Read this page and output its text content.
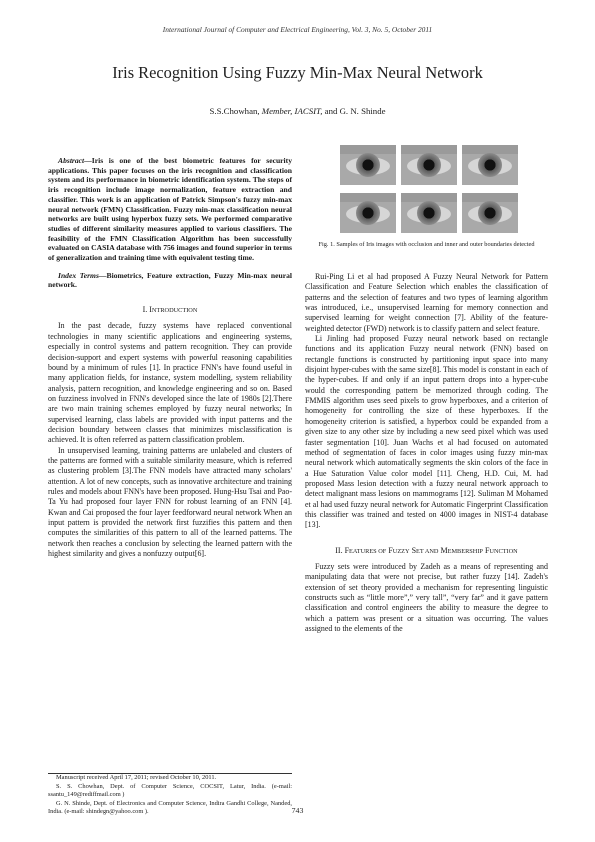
International Journal of Computer and Electrical Engineering, Vol. 3, No. 5, October 2011
Iris Recognition Using Fuzzy Min-Max Neural Network
S.S.Chowhan, Member, IACSIT, and G. N. Shinde

Abstract—Iris is one of the best biometric features for security applications. This paper focuses on the iris recognition and classification system and its performance in biometric identification system. The steps of iris recognition include image normalization, feature extraction and classifier. This work is an application of Patrick Simpson's fuzzy min-max neural network (FMN) Classification. Fuzzy min-max classification neural networks are built using hyperbox fuzzy sets. We performed comparative studies of different similarity measures applied to various classifiers. The feasibility of the FMN Classification Algorithm has been successfully evaluated on CASIA database with 756 images and found superior in terms of generalization and training time with equivalent testing time.

Index Terms—Biometrics, Feature extraction, Fuzzy Min-max neural network.

I. INTRODUCTION

In the past decade, fuzzy systems have replaced conventional technologies in many scientific applications and engineering systems, especially in control systems and pattern recognition. They can provide decision-support and expert systems with powerful reasoning capabilities bound by a minimum of rules [1]. In practice FNN's have found useful in many application fields, for instance, system modelling, system reliability analysis, pattern recognition, and knowledge engineering and so on. Based on fuzziness involved in FNN's developed since the late of 1980s [2].There are two main training schemes employed by fuzzy neural networks; In supervised learning, class labels are provided with input patterns and the decision boundary between classes that minimizes misclassification is achieved. It is often referred as pattern classification problem.

In unsupervised learning, training patterns are unlabeled and clusters of the patterns are formed with a suitable similarity measure, which is referred as clustering problem [3].The FNN models have attracted many scholars' attention. A lot of new concepts, such as innovative architecture and training rules and models about FNN's have been proposed. Hung-Hsu Tsai and Pao-Ta Yu had proposed four layer FNN for robust learning of an FNN [4]. Kwan and Cai proposed the four layer feedforward neural network When an input pattern is provided the network first fuzzifies this pattern and then computes the similarities of this pattern to all of the learned patterns. The network then reaches a conclusion by selecting the learned pattern with the highest similarity and gives a nonfuzzy output[6].

Manuscript received April 17, 2011; revised October 10, 2011.

S. S. Chowhan, Dept. of Computer Science, COCSIT, Latur, India. (e-mail: ssantu_149@rediffmail.com )

G. N. Shinde, Dept. of Electronics and Computer Science, Indira Gandhi College, Nanded, India. (e-mail: shindegn@yahoo.com ).

Fig. 1. Samples of Iris images with occlusion and inner and outer boundaries detected

Rui-Ping Li et al had proposed A Fuzzy Neural Network for Pattern Classification and Feature Selection which enables the classification of patterns and the selection of features and two types of learning algorithm was introduced, i.e., unsupervised learning for memory connection and supervised learning for weight connection [7]. Ability of the feature-weighted detector (FWD) network is to classify pattern and select feature.

Li Jinling had proposed Fuzzy neural network based on rectangle functions and its application Fuzzy neural network (FNN) based on rectangle functions is constructed by partitioning input space into many disjoint hyper-cubes with the same size[8]. This model is constant in each of the hyper-cubes. If and only if an input pattern drops into a hyper-cube would the corresponding pattern be memorized through coding. The FMMIS algorithm uses seed pixels to grow hyperboxes, and a criterion of homogeneity for controlling the size of these hyperboxes. If the homogeneity criterion is satisfied, a hyperbox could be expanded from a given size to any other size by including a new seed pixel which was used faster segmentation [10]. Juan Wachs et al had focused on automated method of segmentation of faces in color images using fuzzy min-max neural network which automatically segments the skin colors of the face in a Hue Saturation Value color model [11]. Cheng, H.D. Cui, M. had proposed Mass lesion detection with a fuzzy neural network approach to detect malignant mass lesions on mammograms [12]. Suliman M Mohamed et al had used fuzzy neural network for Automatic Fingerprint Classification this classifier was trained and tested on 4000 images in NIST-4 database [13].

II. FEATURES OF FUZZY SET AND MEMBERSHIP FUNCTION

Fuzzy sets were introduced by Zadeh as a means of representing and manipulating data that were not precise, but rather fuzzy [14]. Zadeh's extension of set theory provided a mechanism for representing linguistic constructs such as “little more”,” very tall”, “very far” and it gave pattern classification and control engineers the ability to measure the degree to which a pattern was present or a situation was occurring. The values assigned to the elements of the

743
